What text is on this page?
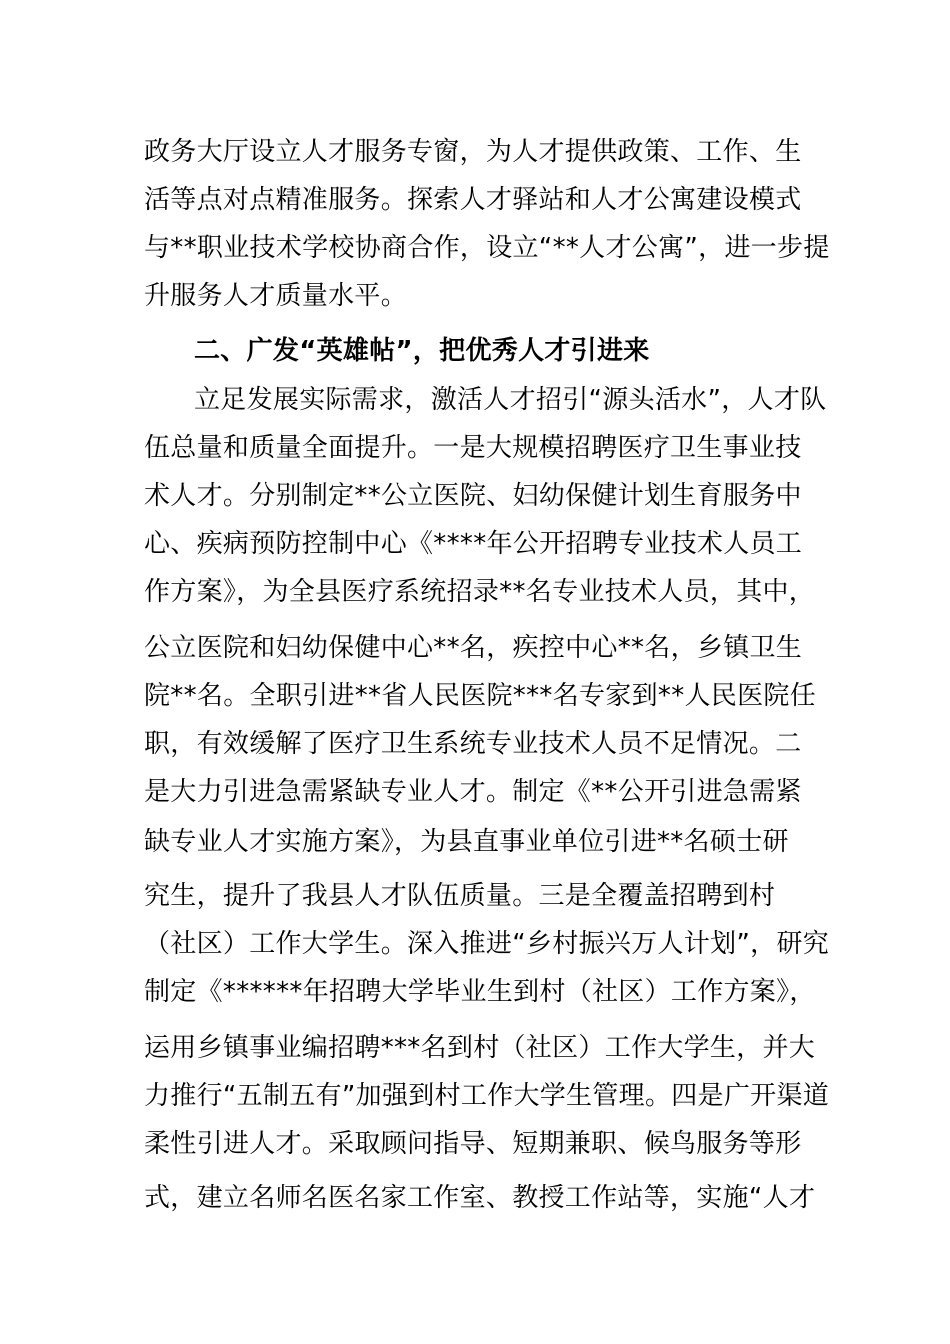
政务大厅设立人才服务专窗，为人才提供政策、工作、生
活等点对点精准服务。探索人才驿站和人才公寓建设模式
与**职业技术学校协商合作，设立“**人才公寓”，进一步提
升服务人才质量水平。
二、广发“英雄帖”，把优秀人才引进来
立足发展实际需求，激活人才招引“源头活水”，人才队
伍总量和质量全面提升。一是大规模招聘医疗卫生事业技
术人才。分别制定**公立医院、妇幼保健计划生育服务中
心、疾病预防控制中心《****年公开招聘专业技术人员工
作方案》，为全县医疗系统招录**名专业技术人员，其中，
公立医院和妇幼保健中心**名，疾控中心**名，乡镇卫生
院**名。全职引进**省人民医院***名专家到**人民医院任
职，有效缓解了医疗卫生系统专业技术人员不足情况。二
是大力引进急需紧缺专业人才。制定《**公开引进急需紧
缺专业人才实施方案》，为县直事业单位引进**名硕士研
究生，提升了我县人才队伍质量。三是全覆盖招聘到村
（社区）工作大学生。深入推进“乡村振兴万人计划”，研究
制定《******年招聘大学毕业生到村（社区）工作方案》，
运用乡镇事业编招聘***名到村（社区）工作大学生，并大
力推行“五制五有”加强到村工作大学生管理。四是广开渠道
柔性引进人才。采取顾问指导、短期兼职、候鸟服务等形
式，建立名师名医名家工作室、教授工作站等，实施“人才
